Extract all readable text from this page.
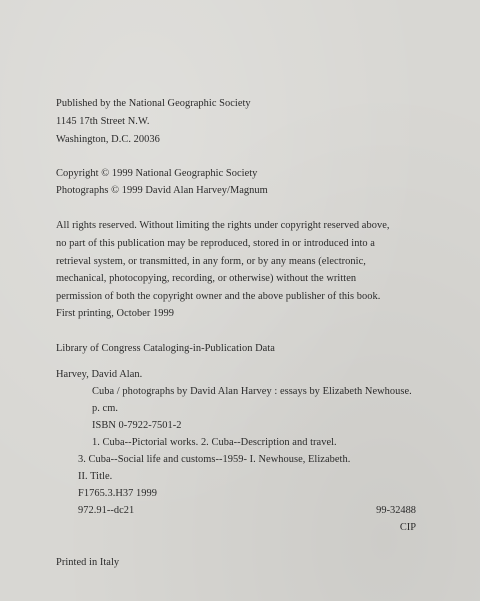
Published by the National Geographic Society
1145 17th Street N.W.
Washington, D.C. 20036
Copyright © 1999 National Geographic Society
Photographs © 1999 David Alan Harvey/Magnum
All rights reserved. Without limiting the rights under copyright reserved above,
no part of this publication may be reproduced, stored in or introduced into a
retrieval system, or transmitted, in any form, or by any means (electronic,
mechanical, photocopying, recording, or otherwise) without the written
permission of both the copyright owner and the above publisher of this book.
First printing, October 1999
Library of Congress Cataloging-in-Publication Data
Harvey, David Alan.
Cuba / photographs by David Alan Harvey : essays by Elizabeth Newhouse.
p. cm.
ISBN 0-7922-7501-2
1. Cuba--Pictorial works. 2. Cuba--Description and travel.
3. Cuba--Social life and customs--1959- I. Newhouse, Elizabeth.
II. Title.
F1765.3.H37 1999
972.91--dc21	99-32488
CIP
Printed in Italy
